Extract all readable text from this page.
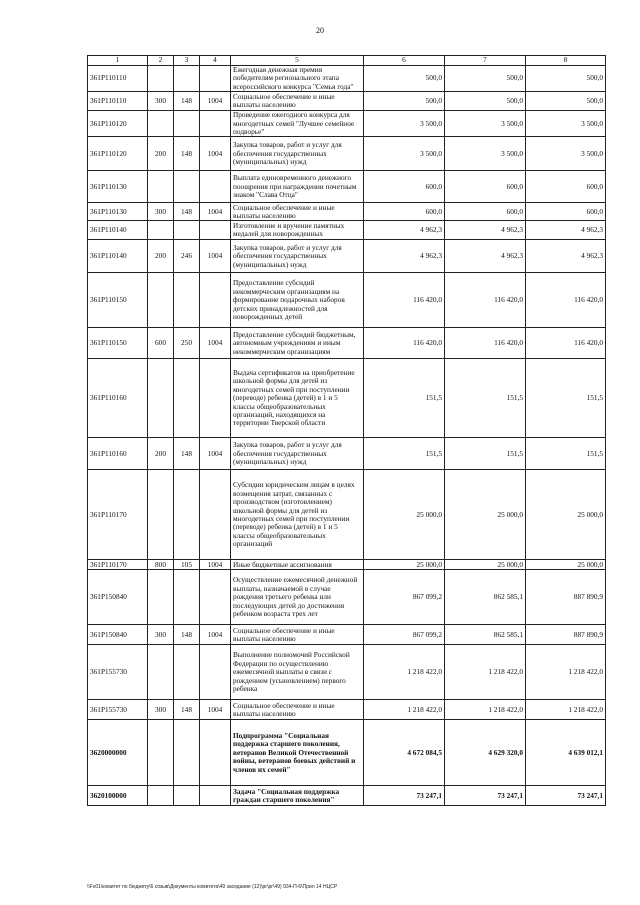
20
1	2	3	4	5	6	7	8
361P110110				Ежегодная денежная премия победителям регионального этапа всероссийского конкурса "Семья года"	500,0	500,0	500,0
361P110110	300	148	1004	Социальное обеспечение и иные выплаты населению	500,0	500,0	500,0
361P110120				Проведение ежегодного конкурса для многодетных семей "Лучшее семейное подворье"	3 500,0	3 500,0	3 500,0
361P110120	200	148	1004	Закупка товаров, работ и услуг для обеспечения государственных (муниципальных) нужд	3 500,0	3 500,0	3 500,0
361P110130				Выплата единовременного денежного поощрения при награждении почетным знаком "Слава Отца"	600,0	600,0	600,0
361P110130	300	148	1004	Социальное обеспечение и иные выплаты населению	600,0	600,0	600,0
361P110140				Изготовление и вручение памятных медалей для новорожденных	4 962,3	4 962,3	4 962,3
361P110140	200	246	1004	Закупка товаров, работ и услуг для обеспечения государственных (муниципальных) нужд	4 962,3	4 962,3	4 962,3
361P110150				Предоставление субсидий некоммерческим организациям на формирование подарочных наборов детских принадлежностей для новорожденных детей	116 420,0	116 420,0	116 420,0
361P110150	600	250	1004	Предоставление субсидий бюджетным, автономным учреждениям и иным некоммерческим организациям	116 420,0	116 420,0	116 420,0
361P110160				Выдача сертификатов на приобретение школьной формы для детей из многодетных семей при поступлении (переводе) ребенка (детей) в 1 и 5 классы общеобразовательных организаций, находящихся на территории Тверской области	151,5	151,5	151,5
361P110160	200	148	1004	Закупка товаров, работ и услуг для обеспечения государственных (муниципальных) нужд	151,5	151,5	151,5
361P110170				Субсидии юридическим лицам в целях возмещения затрат, связанных с производством (изготовлением) школьной формы для детей из многодетных семей при поступлении (переводе) ребенка (детей) в 1 и 5 классы общеобразовательных организаций	25 000,0	25 000,0	25 000,0
361P110170	800	105	1004	Иные бюджетные ассигнования	25 000,0	25 000,0	25 000,0
361P150840				Осуществление ежемесячной денежной выплаты, назначаемой в случае рождения третьего ребенка или последующих детей до достижения ребенком возраста трех лет	867 099,2	862 585,1	887 890,9
361P150840	300	148	1004	Социальное обеспечение и иные выплаты населению	867 099,2	862 585,1	887 890,9
361P155730				Выполнение полномочий Российской Федерации по осуществлению ежемесячной выплаты в связи с рождением (усыновлением) первого ребенка	1 218 422,0	1 218 422,0	1 218 422,0
361P155730	300	148	1004	Социальное обеспечение и иные выплаты населению	1 218 422,0	1 218 422,0	1 218 422,0
3620000000				Подпрограмма "Социальная поддержка старшего поколения, ветеранов Великой Отечественной войны, ветеранов боевых действий и членов их семей"	4 672 084,5	4 629 320,0	4 639 012,1
3620100000				Задача "Социальная поддержка граждан старшего поколения"	73 247,1	73 247,1	73 247,1
\\Fs01\комитет по бюджету\6 созыв\Документы комитета\49 заседание (12)\рг\рг\49) 934-П-6\Прил 14 НЦСР
